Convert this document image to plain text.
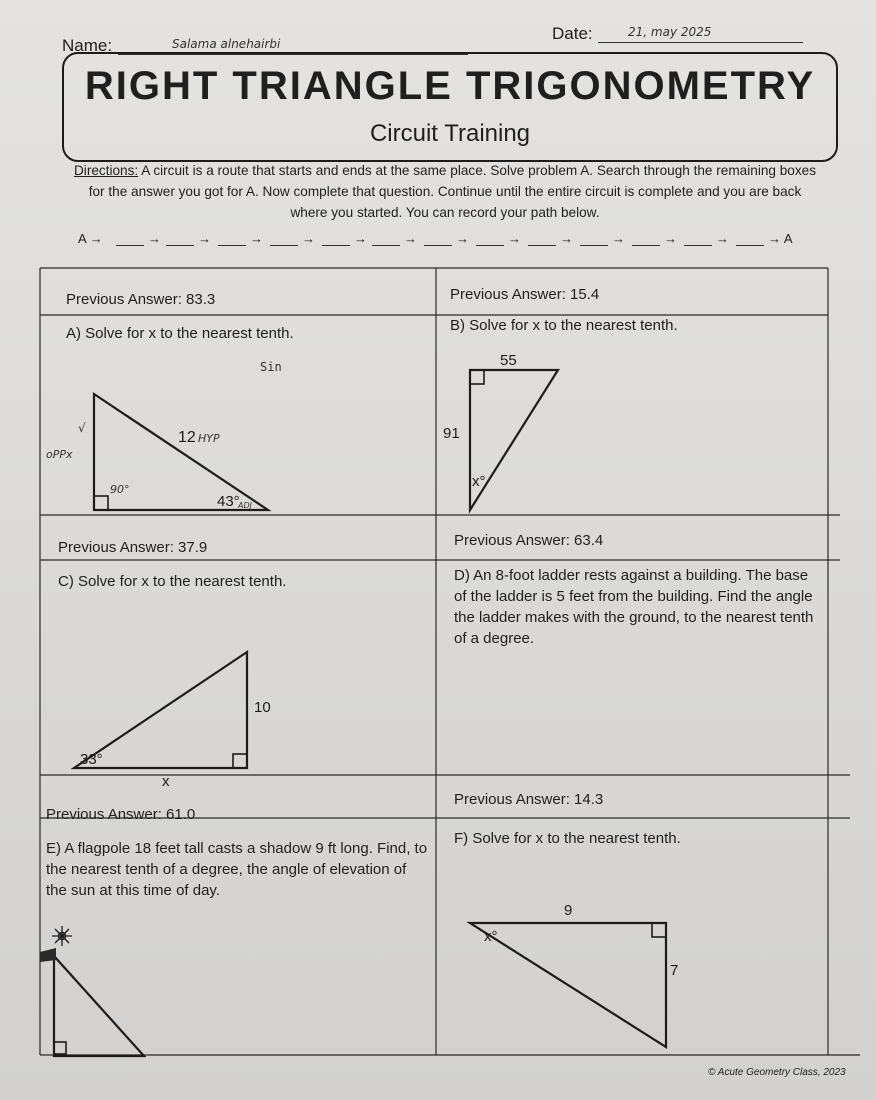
Name:	Salama alnehairbi
Date:	21, may 2025
RIGHT TRIANGLE TRIGONOMETRY
Circuit Training
Directions: A circuit is a route that starts and ends at the same place. Solve problem A. Search through the remaining boxes for the answer you got for A. Now complete that question. Continue until the entire circuit is complete and you are back where you started. You can record your path below.
A →	→	→	→	→	→	→	→	→	→	→	→	→	→ A
Previous Answer: 83.3
A) Solve for x to the nearest tenth.
12
43°
90°
Sin
HYP
oPPx
√
ADJ
Previous Answer: 15.4
B) Solve for x to the nearest tenth.
55
91
x°
Previous Answer: 37.9
C) Solve for x to the nearest tenth.
10
33°
x
Previous Answer: 63.4
D) An 8-foot ladder rests against a building. The base of the ladder is 5 feet from the building. Find the angle the ladder makes with the ground, to the nearest tenth of a degree.
Previous Answer: 61.0
E) A flagpole 18 feet tall casts a shadow 9 ft long. Find, to the nearest tenth of a degree, the angle of elevation of the sun at this time of day.
Previous Answer: 14.3
F) Solve for x to the nearest tenth.
9
7
x°
© Acute Geometry Class, 2023
